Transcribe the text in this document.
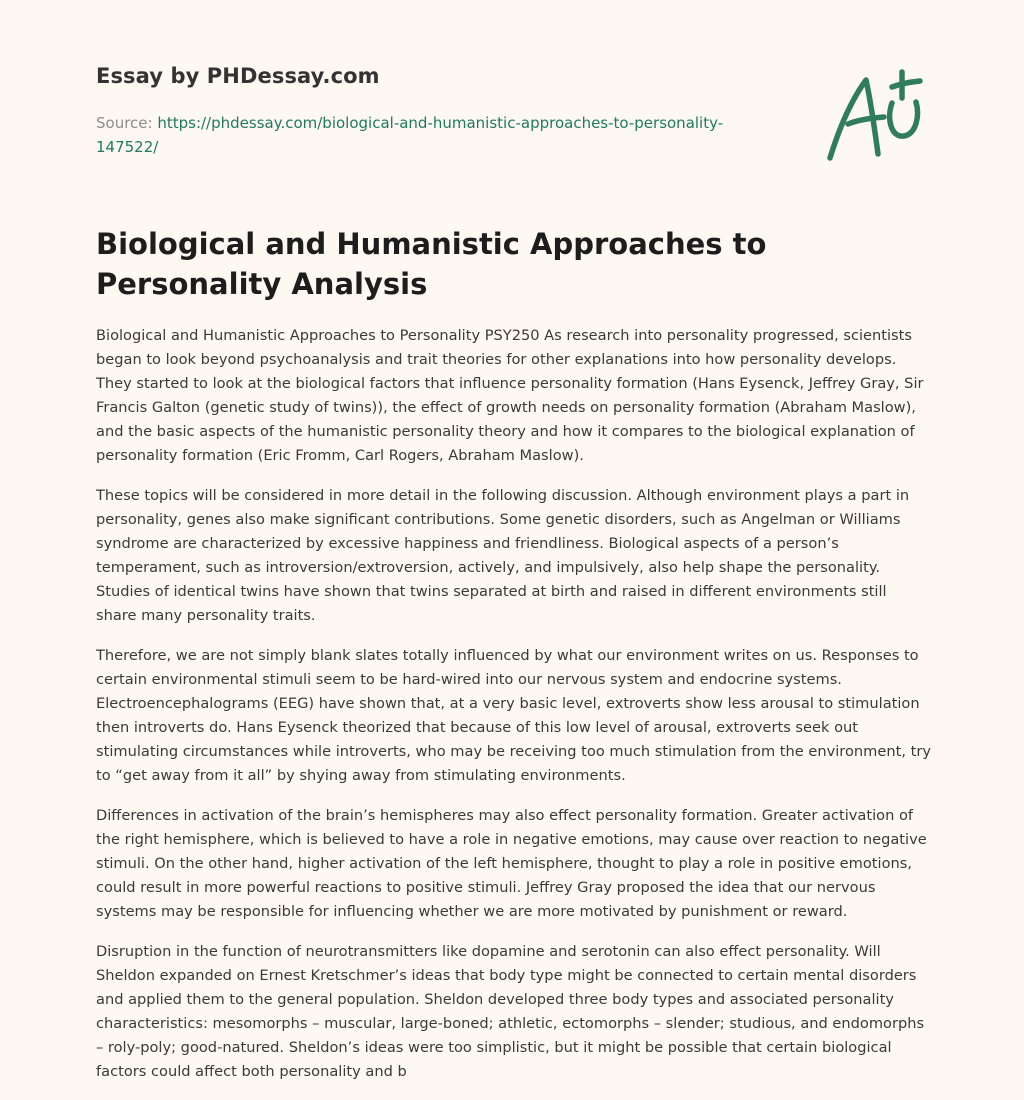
Essay by PHDessay.com
Source: https://phdessay.com/biological-and-humanistic-approaches-to-personality-147522/
Biological and Humanistic Approaches to Personality Analysis

Biological and Humanistic Approaches to Personality PSY250 As research into personality progressed, scientists began to look beyond psychoanalysis and trait theories for other explanations into how personality develops. They started to look at the biological factors that influence personality formation (Hans Eysenck, Jeffrey Gray, Sir Francis Galton (genetic study of twins)), the effect of growth needs on personality formation (Abraham Maslow), and the basic aspects of the humanistic personality theory and how it compares to the biological explanation of personality formation (Eric Fromm, Carl Rogers, Abraham Maslow).

These topics will be considered in more detail in the following discussion. Although environment plays a part in personality, genes also make significant contributions. Some genetic disorders, such as Angelman or Williams syndrome are characterized by excessive happiness and friendliness. Biological aspects of a person’s temperament, such as introversion/extroversion, actively, and impulsively, also help shape the personality. Studies of identical twins have shown that twins separated at birth and raised in different environments still share many personality traits.

Therefore, we are not simply blank slates totally influenced by what our environment writes on us. Responses to certain environmental stimuli seem to be hard-wired into our nervous system and endocrine systems. Electroencephalograms (EEG) have shown that, at a very basic level, extroverts show less arousal to stimulation then introverts do. Hans Eysenck theorized that because of this low level of arousal, extroverts seek out stimulating circumstances while introverts, who may be receiving too much stimulation from the environment, try to “get away from it all” by shying away from stimulating environments.

Differences in activation of the brain’s hemispheres may also effect personality formation. Greater activation of the right hemisphere, which is believed to have a role in negative emotions, may cause over reaction to negative stimuli. On the other hand, higher activation of the left hemisphere, thought to play a role in positive emotions, could result in more powerful reactions to positive stimuli. Jeffrey Gray proposed the idea that our nervous systems may be responsible for influencing whether we are more motivated by punishment or reward.

Disruption in the function of neurotransmitters like dopamine and serotonin can also effect personality. Will Sheldon expanded on Ernest Kretschmer’s ideas that body type might be connected to certain mental disorders and applied them to the general population. Sheldon developed three body types and associated personality characteristics: mesomorphs – muscular, large-boned; athletic, ectomorphs – slender; studious, and endomorphs – roly-poly; good-natured. Sheldon’s ideas were too simplistic, but it might be possible that certain biological factors could affect both personality and b
